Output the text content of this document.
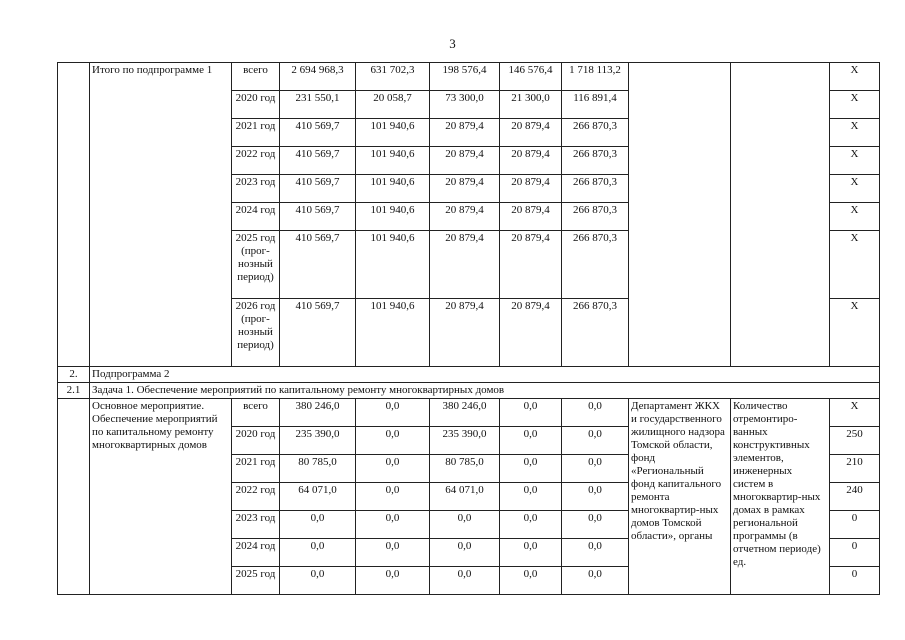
3
	Итого по подпрограмме 1	всего	2 694 968,3	631 702,3	198 576,4	146 576,4	1 718 113,2			Х
		2020 год	231 550,1	20 058,7	73 300,0	21 300,0	116 891,4			Х
		2021 год	410 569,7	101 940,6	20 879,4	20 879,4	266 870,3			Х
		2022 год	410 569,7	101 940,6	20 879,4	20 879,4	266 870,3			Х
		2023 год	410 569,7	101 940,6	20 879,4	20 879,4	266 870,3			Х
		2024 год	410 569,7	101 940,6	20 879,4	20 879,4	266 870,3			Х
		2025 год (прог-нозный период)	410 569,7	101 940,6	20 879,4	20 879,4	266 870,3			Х
		2026 год (прог-нозный период)	410 569,7	101 940,6	20 879,4	20 879,4	266 870,3			Х
2.	Подпрограмма 2									
2.1	Задача 1. Обеспечение мероприятий по капитальному ремонту многоквартирных домов									
	Основное мероприятие. Обеспечение мероприятий по капитальному ремонту многоквартирных домов	всего	380 246,0	0,0	380 246,0	0,0	0,0	Департамент ЖКХ и государственного жилищного надзора Томской области, фонд «Региональный фонд капитального ремонта многоквартир-ных домов Томской области», органы	Количество отремонтиро-ванных конструктивных элементов, инженерных систем в многоквартир-ных домах в рамках региональной программы (в отчетном периоде) ед.	Х
		2020 год	235 390,0	0,0	235 390,0	0,0	0,0			250
		2021 год	80 785,0	0,0	80 785,0	0,0	0,0			210
		2022 год	64 071,0	0,0	64 071,0	0,0	0,0			240
		2023 год	0,0	0,0	0,0	0,0	0,0			0
		2024 год	0,0	0,0	0,0	0,0	0,0			0
		2025 год	0,0	0,0	0,0	0,0	0,0			0
